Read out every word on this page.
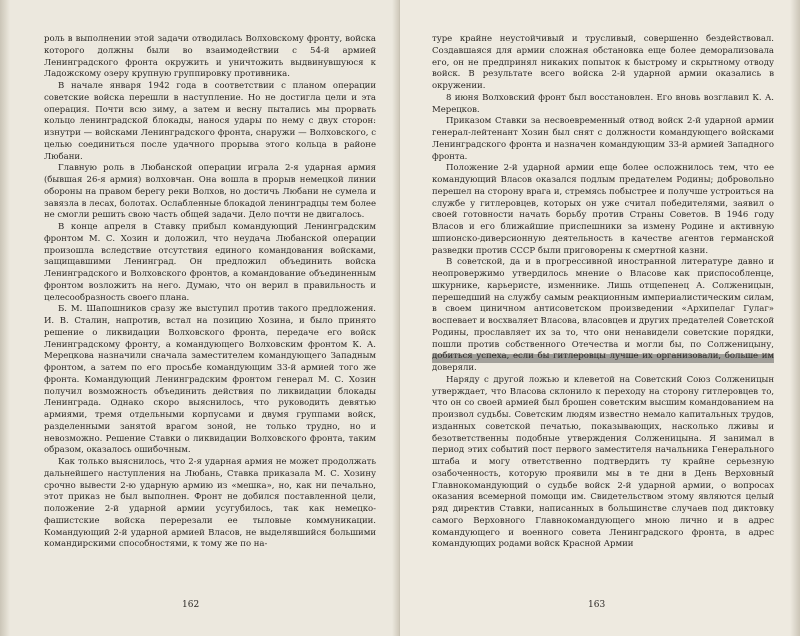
роль в выполнении этой задачи отводилась Волховскому фронту, войска которого должны были во взаимодействии с 54-й армией Ленинградского фронта окружить и уничтожить выдвинувшуюся к Ладожскому озеру крупную группировку противника.

В начале января 1942 года в соответствии с планом операции советские войска перешли в наступление. Но не достигла цели и эта операция. Почти всю зиму, а затем и весну пытались мы прорвать кольцо ленинградской блокады, нанося удары по нему с двух сторон: изнутри — войсками Ленинградского фронта, снаружи — Волховского, с целью соединиться после удачного прорыва этого кольца в районе Любани.

Главную роль в Любанской операции играла 2-я ударная армия (бывшая 26-я армия) волховчан. Она вошла в прорыв немецкой линии обороны на правом берегу реки Волхов, но достичь Любани не сумела и завязла в лесах, болотах. Ослабленные блокадой ленинградцы тем более не смогли решить свою часть общей задачи. Дело почти не двигалось.

В конце апреля в Ставку прибыл командующий Ленинградским фронтом М. С. Хозин и доложил, что неудача Любанской операции произошла вследствие отсутствия единого командования войсками, защищавшими Ленинград. Он предложил объединить войска Ленинградского и Волховского фронтов, а командование объединенным фронтом возложить на него. Думаю, что он верил в правильность и целесообразность своего плана.

Б. М. Шапошников сразу же выступил против такого предложения. И. В. Сталин, напротив, встал на позицию Хозина, и было принято решение о ликвидации Волховского фронта, передаче его войск Ленинградскому фронту, а командующего Волховским фронтом К. А. Мерецкова назначили сначала заместителем командующего Западным фронтом, а затем по его просьбе командующим 33-й армией того же фронта. Командующий Ленинградским фронтом генерал М. С. Хозин получил возможность объединить действия по ликвидации блокады Ленинграда. Однако скоро выяснилось, что руководить девятью армиями, тремя отдельными корпусами и двумя группами войск, разделенными занятой врагом зоной, не только трудно, но и невозможно. Решение Ставки о ликвидации Волховского фронта, таким образом, оказалось ошибочным.

Как только выяснилось, что 2-я ударная армия не может продолжать дальнейшего наступления на Любань, Ставка приказала М. С. Хозину срочно вывести 2-ю ударную армию из «мешка», но, как ни печально, этот приказ не был выполнен. Фронт не добился поставленной цели, положение 2-й ударной армии усугубилось, так как немецко-фашистские войска перерезали ее тыловые коммуникации. Командующий 2-й ударной армией Власов, не выделявшийся большими командирскими способностями, к тому же по на-

162

туре крайне неустойчивый и трусливый, совершенно бездействовал. Создавшаяся для армии сложная обстановка еще более деморализовала его, он не предпринял никаких попыток к быстрому и скрытному отводу войск. В результате всего войска 2-й ударной армии оказались в окружении.

8 июня Волховский фронт был восстановлен. Его вновь возглавил К. А. Мерецков.

Приказом Ставки за несвоевременный отвод войск 2-й ударной армии генерал-лейтенант Хозин был снят с должности командующего войсками Ленинградского фронта и назначен командующим 33-й армией Западного фронта.

Положение 2-й ударной армии еще более осложнилось тем, что ее командующий Власов оказался подлым предателем Родины; добровольно перешел на сторону врага и, стремясь побыстрее и получше устроиться на службе у гитлеровцев, которых он уже считал победителями, заявил о своей готовности начать борьбу против Страны Советов. В 1946 году Власов и его ближайшие приспешники за измену Родине и активную шпионско-диверсионную деятельность в качестве агентов германской разведки против СССР были приговорены к смертной казни.

В советской, да и в прогрессивной иностранной литературе давно и неопровержимо утвердилось мнение о Власове как приспособленце, шкурнике, карьеристе, изменнике. Лишь отщепенец А. Солженицын, перешедший на службу самым реакционным империалистическим силам, в своем циничном антисоветском произведении «Архипелаг Гулаг» воспевает и восхваляет Власова, власовцев и других предателей Советской Родины, прославляет их за то, что они ненавидели советские порядки, пошли против собственного Отечества и могли бы, по Солженицыну, добиться успеха, если бы гитлеровцы лучше их организовали, больше им доверяли.

Наряду с другой ложью и клеветой на Советский Союз Солженицын утверждает, что Власова склонило к переходу на сторону гитлеровцев то, что он со своей армией был брошен советским высшим командованием на произвол судьбы. Советским людям известно немало капитальных трудов, изданных советской печатью, показывающих, насколько лживы и безответственны подобные утверждения Солженицына. Я занимал в период этих событий пост первого заместителя начальника Генерального штаба и могу ответственно подтвердить ту крайне серьезную озабоченность, которую проявили мы в те дни в День Верховный Главнокомандующий о судьбе войск 2-й ударной армии, о вопросах оказания всемерной помощи им. Свидетельством этому являются целый ряд директив Ставки, написанных в большинстве случаев под диктовку самого Верховного Главнокомандующего мною лично и в адрес командующего и военного совета Ленинградского фронта, в адрес командующих родами войск Красной Армии

163
